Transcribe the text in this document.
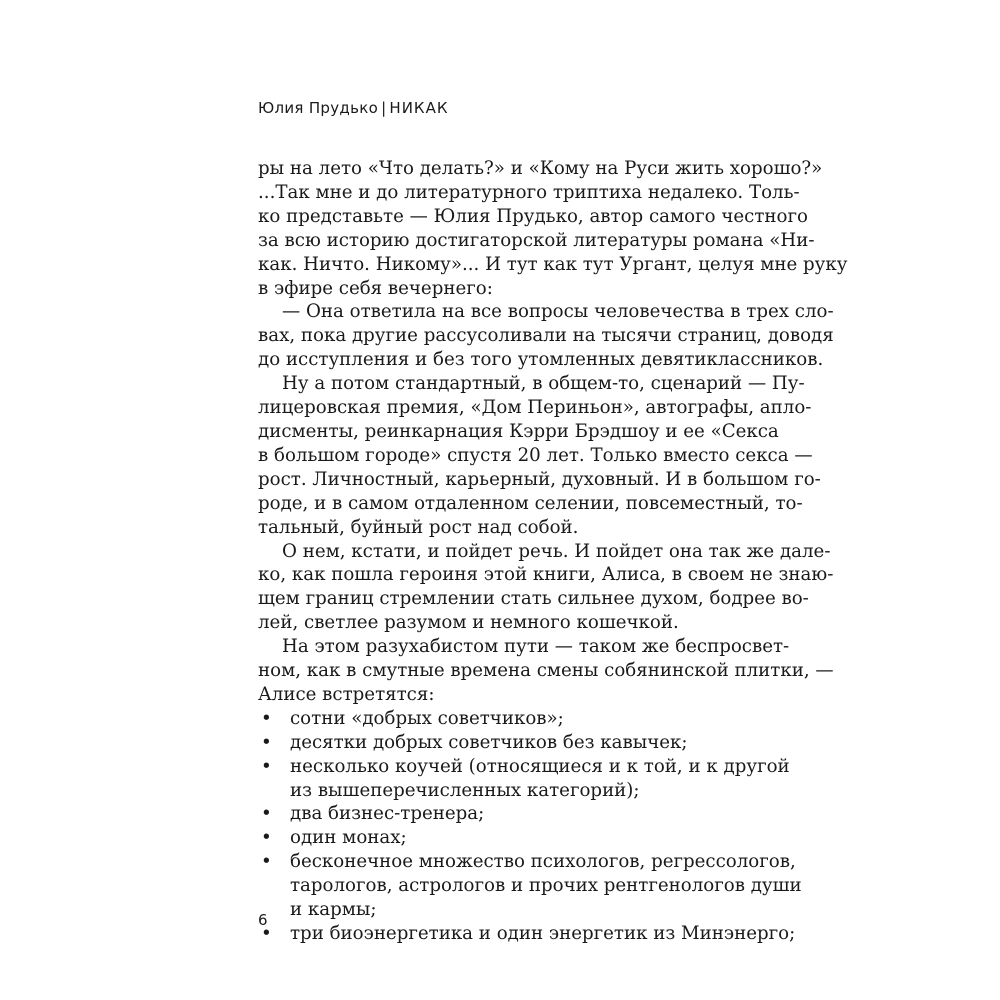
Юлия Прудько | НИКАК
ры на лето «Что делать?» и «Кому на Руси жить хорошо?»
...Так мне и до литературного триптиха недалеко. Толь-
ко представьте — Юлия Прудько, автор самого честного
за всю историю достигаторской литературы романа «Ни-
как. Ничто. Никому»... И тут как тут Ургант, целуя мне руку
в эфире себя вечернего:
— Она ответила на все вопросы человечества в трех сло-
вах, пока другие рассусоливали на тысячи страниц, доводя
до исступления и без того утомленных девятиклассников.
Ну а потом стандартный, в общем-то, сценарий — Пу-
лицеровская премия, «Дом Периньон», автографы, апло-
дисменты, реинкарнация Кэрри Брэдшоу и ее «Секса
в большом городе» спустя 20 лет. Только вместо секса —
рост. Личностный, карьерный, духовный. И в большом го-
роде, и в самом отдаленном селении, повсеместный, то-
тальный, буйный рост над собой.
О нем, кстати, и пойдет речь. И пойдет она так же дале-
ко, как пошла героиня этой книги, Алиса, в своем не знаю-
щем границ стремлении стать сильнее духом, бодрее во-
лей, светлее разумом и немного кошечкой.
На этом разухабистом пути — таком же беспросвет-
ном, как в смутные времена смены собянинской плитки, —
Алисе встретятся:
• сотни «добрых советчиков»;
• десятки добрых советчиков без кавычек;
• несколько коучей (относящиеся и к той, и к другой
из вышеперечисленных категорий);
• два бизнес-тренера;
• один монах;
• бесконечное множество психологов, регрессологов,
тарологов, астрологов и прочих рентгенологов души
и кармы;
• три биоэнергетика и один энергетик из Минэнерго;
6
